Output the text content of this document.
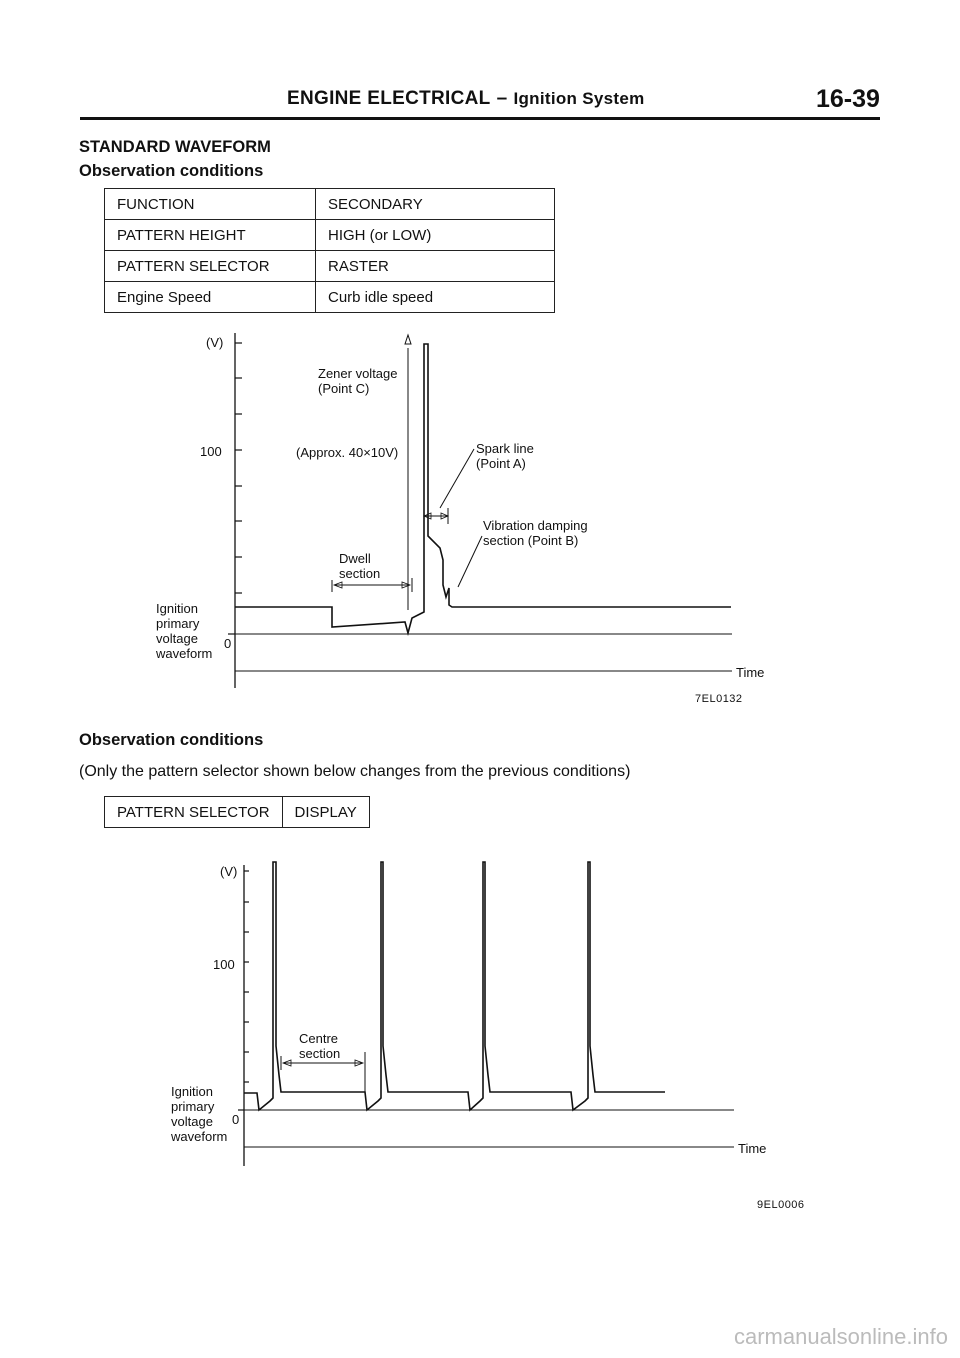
ENGINE ELECTRICAL – Ignition System	16-39
STANDARD WAVEFORM
Observation conditions
FUNCTION	SECONDARY
PATTERN HEIGHT	HIGH (or LOW)
PATTERN SELECTOR	RASTER
Engine Speed	Curb idle speed
(V)
100
0
Ignition
primary
voltage
waveform
Zener voltage
(Point C)
(Approx. 40×10V)	Spark line
(Point A)
Vibration damping
section (Point B)
Dwell
section
Time
7EL0132
Observation conditions
(Only the pattern selector shown below changes from the previous conditions)
PATTERN SELECTOR	DISPLAY
(V)
100
0
Ignition
primary
voltage
waveform
Centre
section
Time
9EL0006
carmanualsonline.info
